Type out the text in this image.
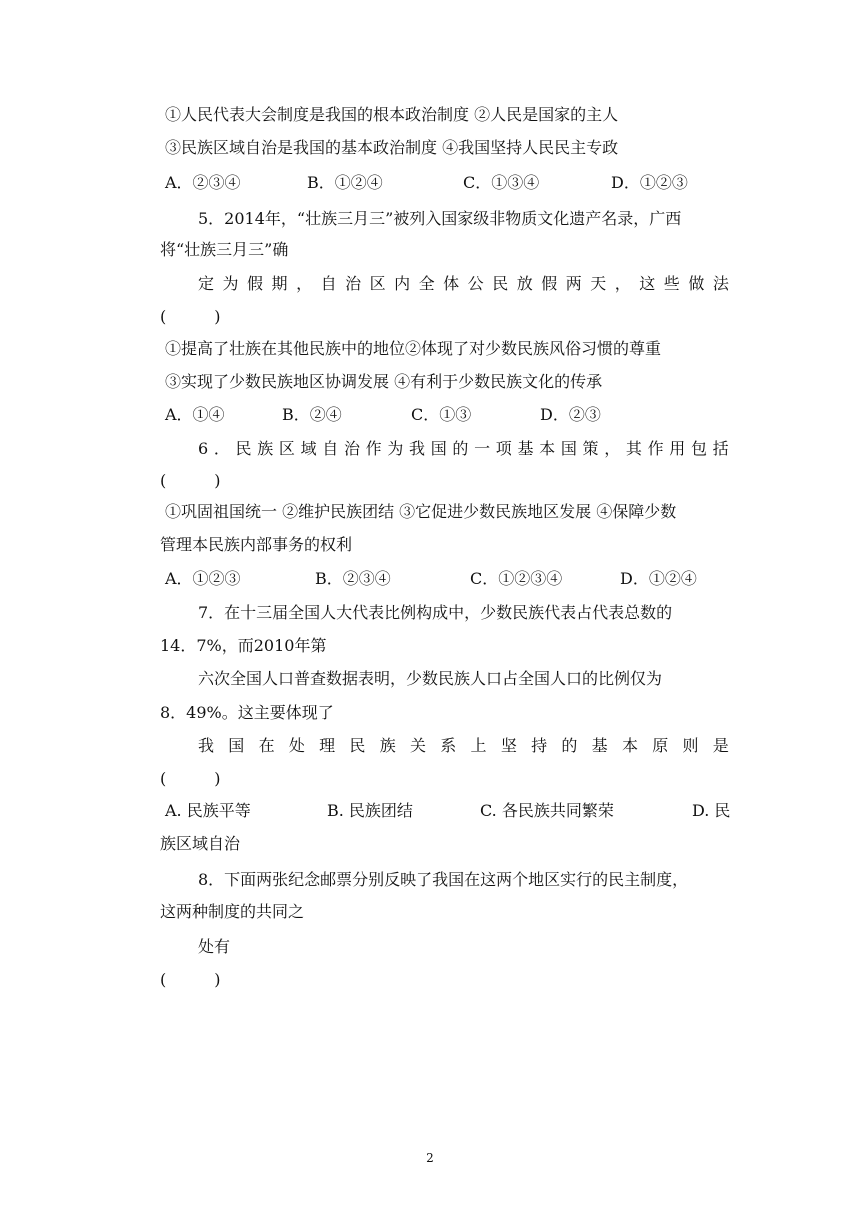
①人民代表大会制度是我国的根本政治制度 ②人民是国家的主人
③民族区域自治是我国的基本政治制度 ④我国坚持人民民主专政
A．②③④	B．①②④	C．①③④	D．①②③
5．2014年，“壮族三月三”被列入国家级非物质文化遗产名录，广西
将“壮族三月三”确
定 为 假 期 ， 自 治 区 内 全 体 公 民 放 假 两 天 ， 这 些 做 法
(　　　)
①提高了壮族在其他民族中的地位②体现了对少数民族风俗习惯的尊重
③实现了少数民族地区协调发展 ④有利于少数民族文化的传承
A．①④	B．②④	C．①③	D．②③
6 ． 民 族 区 域 自 治 作 为 我 国 的 一 项 基 本 国 策 ， 其 作 用 包 括
(　　　)
①巩固祖国统一 ②维护民族团结 ③它促进少数民族地区发展 ④保障少数
管理本民族内部事务的权利
A．①②③	B．②③④	C．①②③④	D．①②④
7．在十三届全国人大代表比例构成中，少数民族代表占代表总数的
14．7%，而2010年第
六次全国人口普查数据表明，少数民族人口占全国人口的比例仅为
8．49%。这主要体现了
我 国 在 处 理 民 族 关 系 上 坚 持 的 基 本 原 则 是
(　　　)
A. 民族平等	B. 民族团结	C. 各民族共同繁荣	D. 民
族区域自治
8．下面两张纪念邮票分别反映了我国在这两个地区实行的民主制度，
这两种制度的共同之
处有
(　　　)
2
